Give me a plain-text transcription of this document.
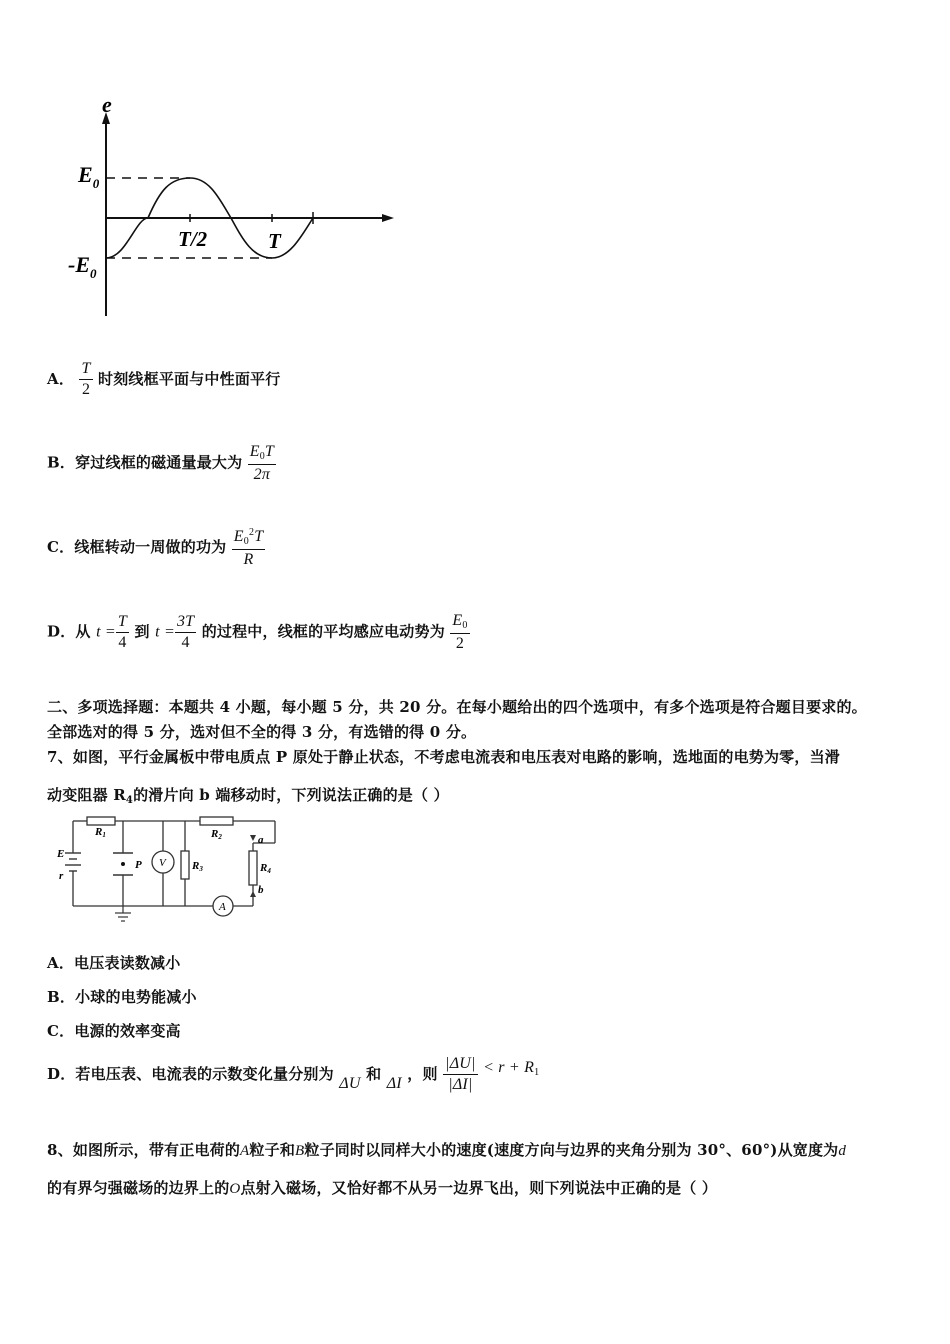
e
$E_0$
$-E_0$
T/2	T
A． $\frac{T}{2}$ 时刻线框平面与中性面平行
B．穿过线框的磁通量最大为 $\frac{E_0T}{2\pi}$
C．线框转动一周做的功为 $\frac{E_0^2T}{R}$
D．从 $t = \frac{T}{4}$ 到 $t = \frac{3T}{4}$ 的过程中，线框的平均感应电动势为 $\frac{E_0}{2}$
二、多项选择题：本题共 4 小题，每小题 5 分，共 20 分。在每小题给出的四个选项中，有多个选项是符合题目要求的。
全部选对的得 5 分，选对但不全的得 3 分，有选错的得 0 分。
7、如图，平行金属板中带电质点 P 原处于静止状态，不考虑电流表和电压表对电路的影响，选地面的电势为零，当滑
动变阻器 $R_4$的滑片向 b 端移动时，下列说法正确的是（ ）
R1	R2
R3	R4
E
r
P V
A
a
b
A．电压表读数减小
B．小球的电势能减小
C．电源的效率变高
D．若电压表、电流表的示数变化量分别为 ΔU 和 ΔI ，则 $\frac{|\Delta U|}{|\Delta I|} < r + R_1$
8、如图所示，带有正电荷的A粒子和B粒子同时以同样大小的速度(速度方向与边界的夹角分别为 30°、60°)从宽度为d
的有界匀强磁场的边界上的O点射入磁场，又恰好都不从另一边界飞出，则下列说法中正确的是（ ）
